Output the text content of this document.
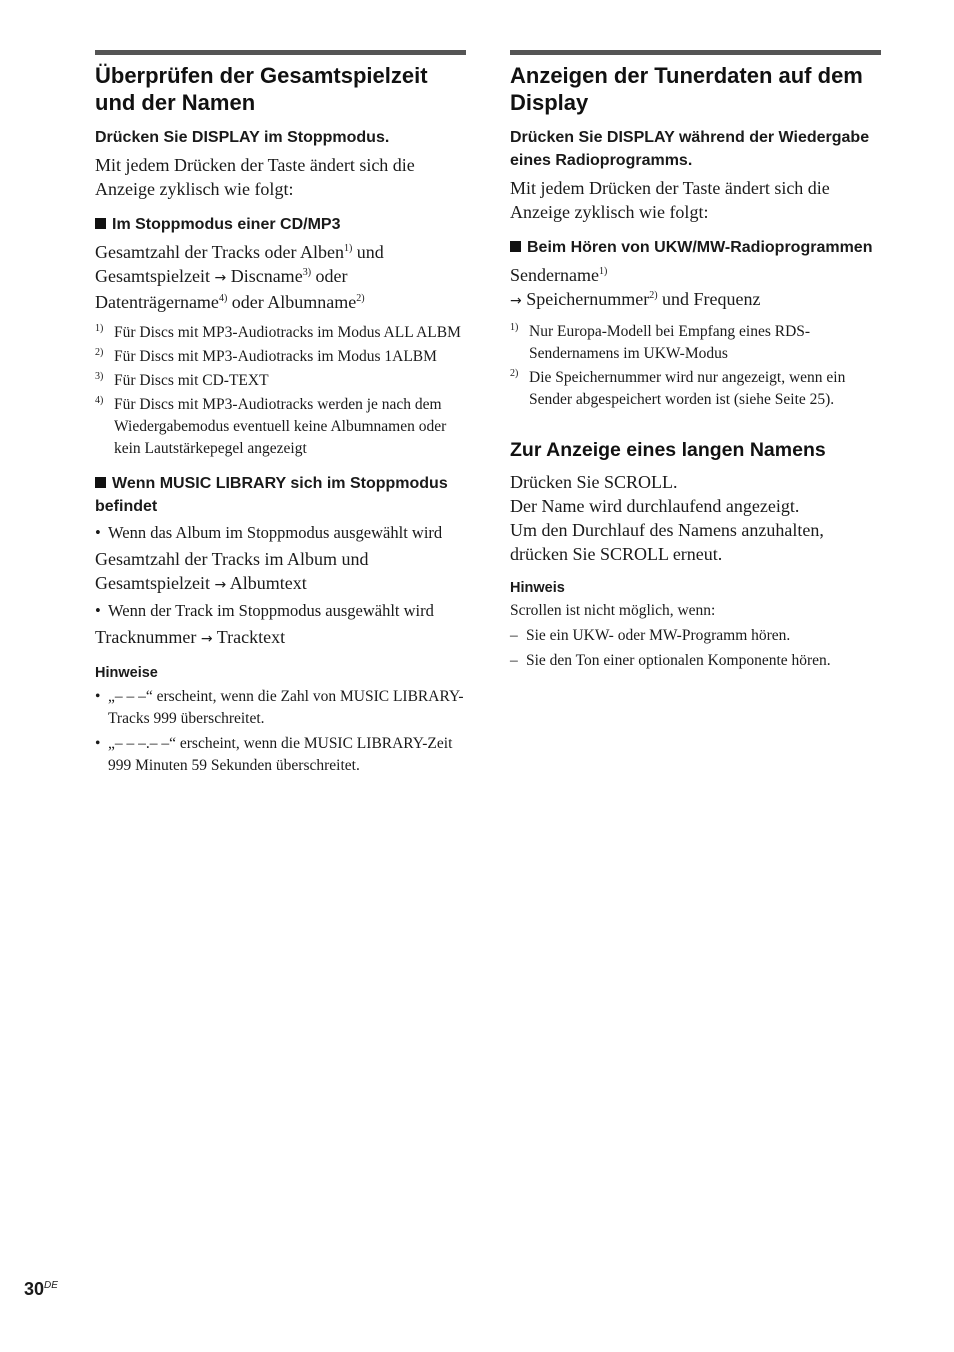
Überprüfen der Gesamtspielzeit und der Namen

Drücken Sie DISPLAY im Stoppmodus.

Mit jedem Drücken der Taste ändert sich die Anzeige zyklisch wie folgt:

Im Stoppmodus einer CD/MP3

Gesamtzahl der Tracks oder Alben$^{1)}$ und Gesamtspielzeit → Discname$^{3)}$ oder Datenträgername$^{4)}$ oder Albumname$^{2)}$

1) Für Discs mit MP3-Audiotracks im Modus ALL ALBM
2) Für Discs mit MP3-Audiotracks im Modus 1ALBM
3) Für Discs mit CD-TEXT
4) Für Discs mit MP3-Audiotracks werden je nach dem Wiedergabemodus eventuell keine Albumnamen oder kein Lautstärkepegel angezeigt
Wenn MUSIC LIBRARY sich im Stoppmodus befindet
• Wenn das Album im Stoppmodus ausgewählt wird

Gesamtzahl der Tracks im Album und Gesamtspielzeit → Albumtext

• Wenn der Track im Stoppmodus ausgewählt wird

Tracknummer → Tracktext

Hinweise
• „– – –“ erscheint, wenn die Zahl von MUSIC LIBRARY-Tracks 999 überschreitet.
• „– – –.– –“ erscheint, wenn die MUSIC LIBRARY-Zeit 999 Minuten 59 Sekunden überschreitet.
Anzeigen der Tunerdaten auf dem Display

Drücken Sie DISPLAY während der Wiedergabe eines Radioprogramms.

Mit jedem Drücken der Taste ändert sich die Anzeige zyklisch wie folgt:

Beim Hören von UKW/MW-Radioprogrammen

Sendername$^{1)}$
→ Speichernummer$^{2)}$ und Frequenz

1) Nur Europa-Modell bei Empfang eines RDS-Sendernamens im UKW-Modus
2) Die Speichernummer wird nur angezeigt, wenn ein Sender abgespeichert worden ist (siehe Seite 25).
Zur Anzeige eines langen Namens

Drücken Sie SCROLL.

Der Name wird durchlaufend angezeigt.

Um den Durchlauf des Namens anzuhalten, drücken Sie SCROLL erneut.

Hinweis

Scrollen ist nicht möglich, wenn:

– Sie ein UKW- oder MW-Programm hören.
– Sie den Ton einer optionalen Komponente hören.
30DE
